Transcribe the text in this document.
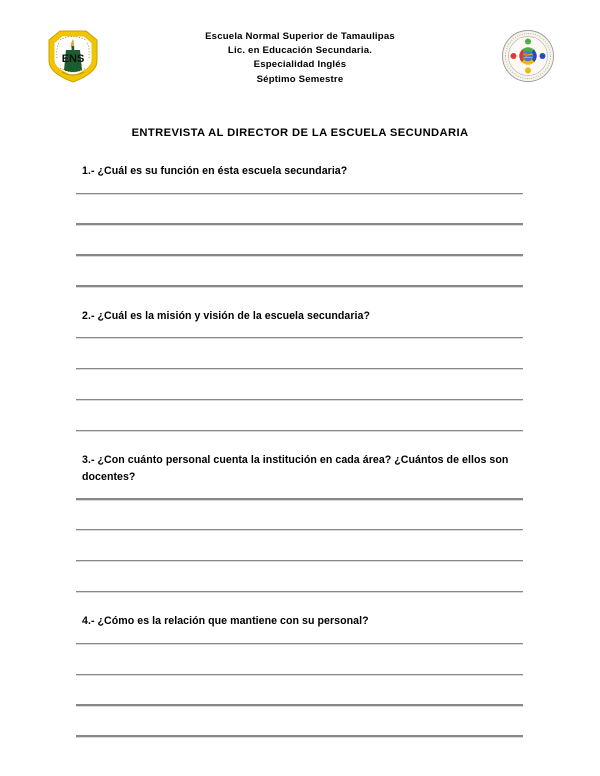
ENS
Escuela Normal Superior de Tamaulipas
Lic. en Educación Secundaria.
Especialidad Inglés
Séptimo Semestre
ENTREVISTA AL DIRECTOR DE LA ESCUELA SECUNDARIA

1.- ¿Cuál es su función en ésta escuela secundaria?

2.- ¿Cuál es la misión y visión de la escuela secundaria?

3.- ¿Con cuánto personal cuenta la institución en cada área? ¿Cuántos de ellos son docentes?

4.- ¿Cómo es la relación que mantiene con su personal?
